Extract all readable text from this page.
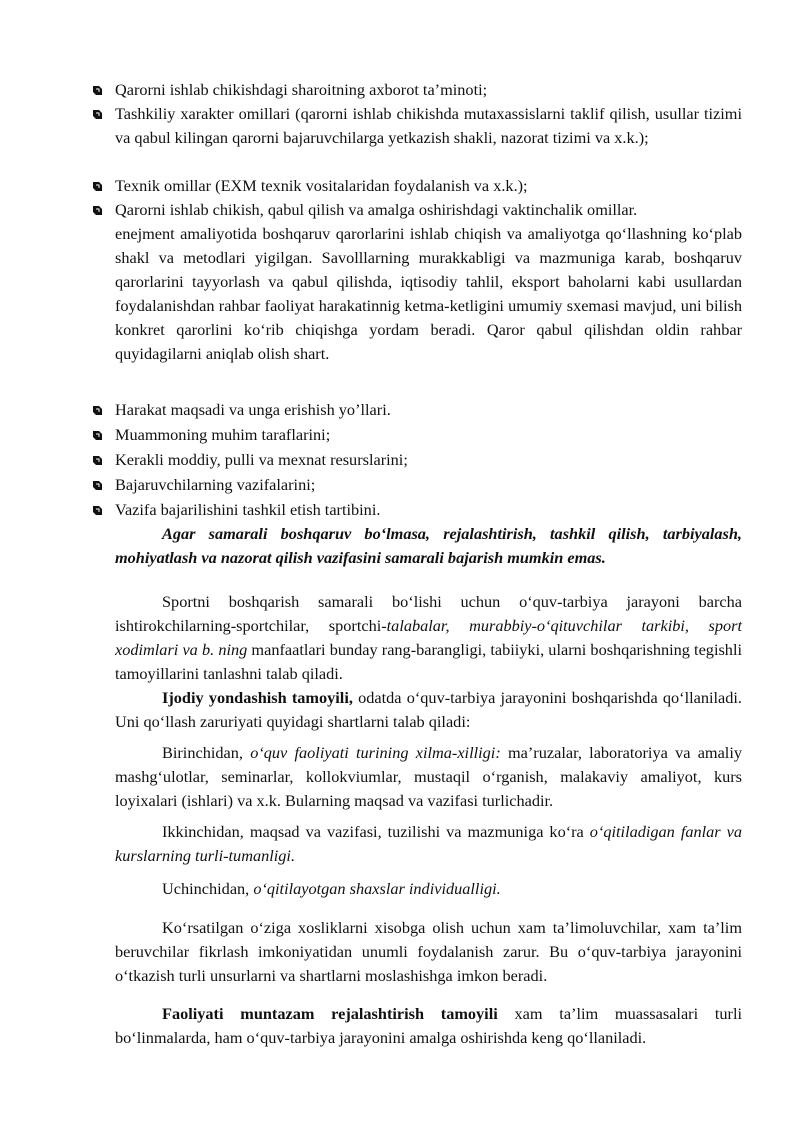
Qarorni ishlab chikishdagi sharoitning axborot ta’minoti;
Tashkiliy xarakter omillari (qarorni ishlab chikishda mutaxassislarni taklif qilish, usullar tizimi va qabul kilingan qarorni bajaruvchilarga yetkazish shakli, nazorat tizimi va x.k.);
Texnik omillar (EXM texnik vositalaridan foydalanish va x.k.);
Qarorni ishlab chikish, qabul qilish va amalga oshirishdagi vaktinchalik omillar.
enejment amaliyotida boshqaruv qarorlarini ishlab chiqish va amaliyotga qo‘llashning ko‘plab shakl va metodlari yigilgan. Savolllarning murakkabligi va mazmuniga karab, boshqaruv qarorlarini tayyorlash va qabul qilishda, iqtisodiy tahlil, eksport baholarni kabi usullardan foydalanishdan rahbar faoliyat harakatinnig ketma-ketligini umumiy sxemasi mavjud, uni bilish konkret qarorlini ko‘rib chiqishga yordam beradi. Qaror qabul qilishdan oldin rahbar quyidagilarni aniqlab olish shart.
Harakat maqsadi va unga erishish yo’llari.
Muammoning muhim taraflarini;
Kerakli moddiy, pulli va mexnat resurslarini;
Bajaruvchilarning vazifalarini;
Vazifa bajarilishini tashkil etish tartibini.
Agar samarali boshqaruv bo‘lmasa, rejalashtirish, tashkil qilish, tarbiyalash, mohiyatlash va nazorat qilish vazifasini samarali bajarish mumkin emas.
Sportni boshqarish samarali bo‘lishi uchun o‘quv-tarbiya jarayoni barcha ishtirokchilarning-sportchilar, sportchi-talabalar, murabbiy-o‘qituvchilar tarkibi, sport xodimlari va b. ning manfaatlari bunday rang-barangligi, tabiiyki, ularni boshqarishning tegishli tamoyillarini tanlashni talab qiladi.
Ijodiy yondashish tamoyili, odatda o‘quv-tarbiya jarayonini boshqarishda qo‘llaniladi. Uni qo‘llash zaruriyati quyidagi shartlarni talab qiladi:
Birinchidan, o‘quv faoliyati turining xilma-xilligi: ma’ruzalar, laboratoriya va amaliy mashg‘ulotlar, seminarlar, kollokviumlar, mustaqil o‘rganish, malakaviy amaliyot, kurs loyixalari (ishlari) va x.k. Bularning maqsad va vazifasi turlichadir.
Ikkinchidan, maqsad va vazifasi, tuzilishi va mazmuniga ko‘ra o‘qitiladigan fanlar va kurslarning turli-tumanligi.
Uchinchidan, o‘qitilayotgan shaxslar individualligi.
Ko‘rsatilgan o‘ziga xosliklarni xisobga olish uchun xam ta’limoluvchilar, xam ta’lim beruvchilar fikrlash imkoniyatidan unumli foydalanish zarur. Bu o‘quv-tarbiya jarayonini o‘tkazish turli unsurlarni va shartlarni moslashishga imkon beradi.
Faoliyati muntazam rejalashtirish tamoyili xam ta’lim muassasalari turli bo‘linmalarda, ham o‘quv-tarbiya jarayonini amalga oshirishda keng qo‘llaniladi.
